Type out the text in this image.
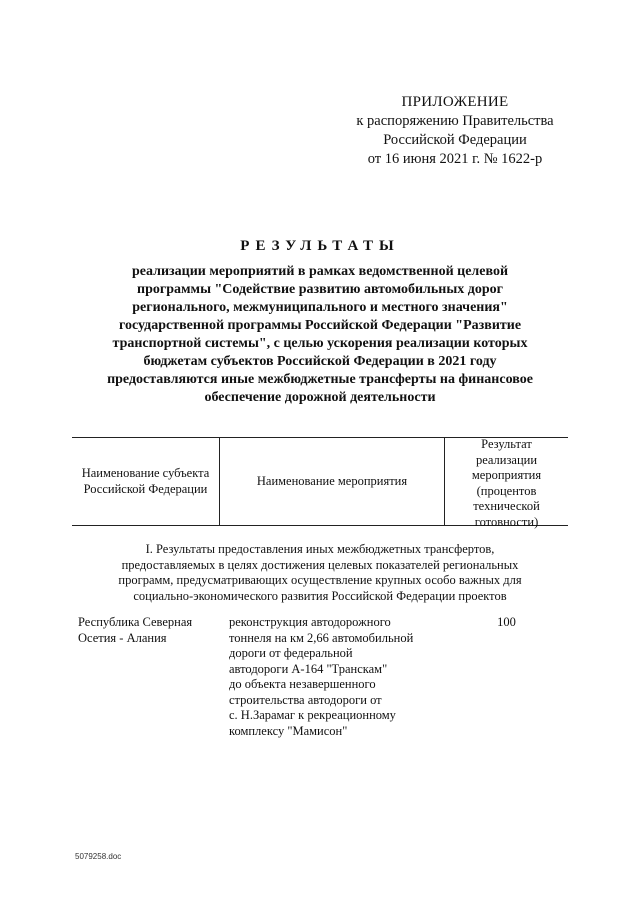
ПРИЛОЖЕНИЕ
к распоряжению Правительства
Российской Федерации
от 16 июня 2021 г. № 1622-р
РЕЗУЛЬТАТЫ
реализации мероприятий в рамках ведомственной целевой
программы "Содействие развитию автомобильных дорог
регионального, межмуниципального и местного значения"
государственной программы Российской Федерации "Развитие
транспортной системы", с целью ускорения реализации которых
бюджетам субъектов Российской Федерации в 2021 году
предоставляются иные межбюджетные трансферты на финансовое
обеспечение дорожной деятельности
Наименование субъекта
Российской Федерации
Наименование мероприятия
Результат
реализации
мероприятия
(процентов
технической
готовности)
I. Результаты предоставления иных межбюджетных трансфертов,
предоставляемых в целях достижения целевых показателей региональных
программ, предусматривающих осуществление крупных особо важных для
социально-экономического развития Российской Федерации проектов
Республика Северная
Осетия - Алания
реконструкция автодорожного
тоннеля на км 2,66 автомобильной
дороги от федеральной
автодороги А-164 "Транскам"
до объекта незавершенного
строительства автодороги от
с. Н.Зарамаг к рекреационному
комплексу "Мамисон"
100
5079258.doc
